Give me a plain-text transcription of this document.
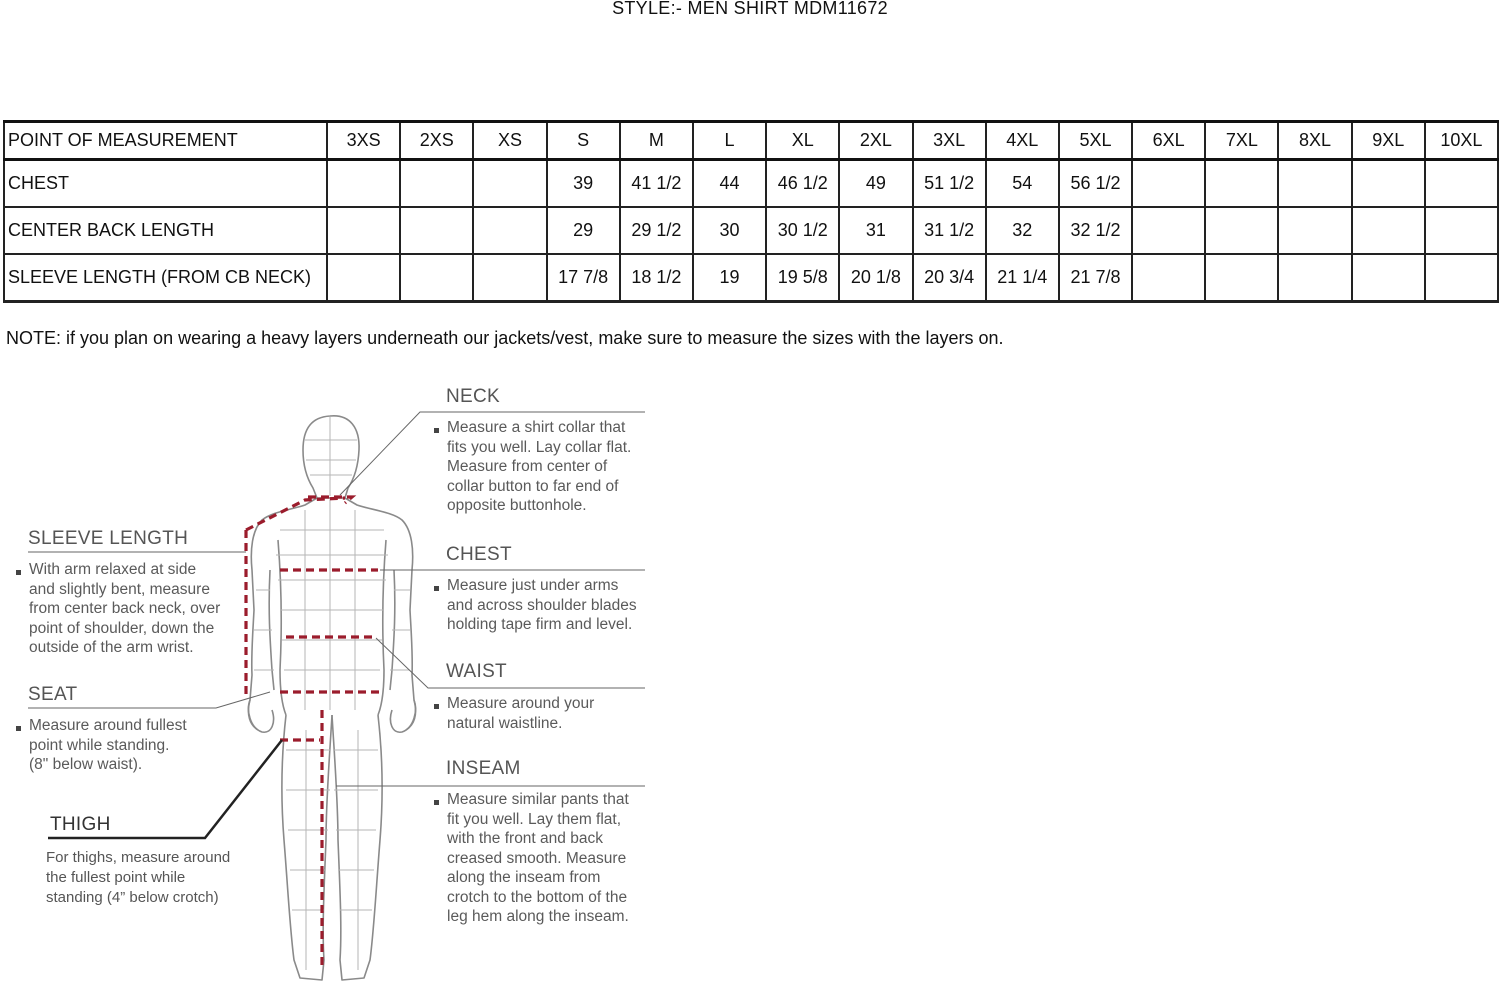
STYLE:- MEN SHIRT MDM11672
POINT OF MEASUREMENT	3XS	2XS	XS	S	M	L	XL	2XL	3XL	4XL	5XL	6XL	7XL	8XL	9XL	10XL
CHEST				39	41 1/2	44	46 1/2	49	51 1/2	54	56 1/2					
CENTER BACK LENGTH				29	29 1/2	30	30 1/2	31	31 1/2	32	32 1/2					
SLEEVE LENGTH (FROM CB NECK)				17 7/8	18 1/2	19	19 5/8	20 1/8	20 3/4	21 1/4	21 7/8					
NOTE: if you plan on wearing a heavy layers underneath our jackets/vest, make sure to measure the sizes with the layers on.
NECK
Measure a shirt collar that
fits you well. Lay collar flat.
Measure from center of
collar button to far end of
opposite buttonhole.
CHEST
Measure just under arms
and across shoulder blades
holding tape firm and level.
WAIST
Measure around your
natural waistline.
INSEAM
Measure similar pants that
fit you well. Lay them flat,
with the front and back
creased smooth. Measure
along the inseam from
crotch to the bottom of the
leg hem along the inseam.
SLEEVE LENGTH
With arm relaxed at side
and slightly bent, measure
from center back neck, over
point of shoulder, down the
outside of the arm wrist.
SEAT
Measure around fullest
point while standing.
(8" below waist).
THIGH
For thighs, measure around
the fullest point while
standing (4” below crotch)
